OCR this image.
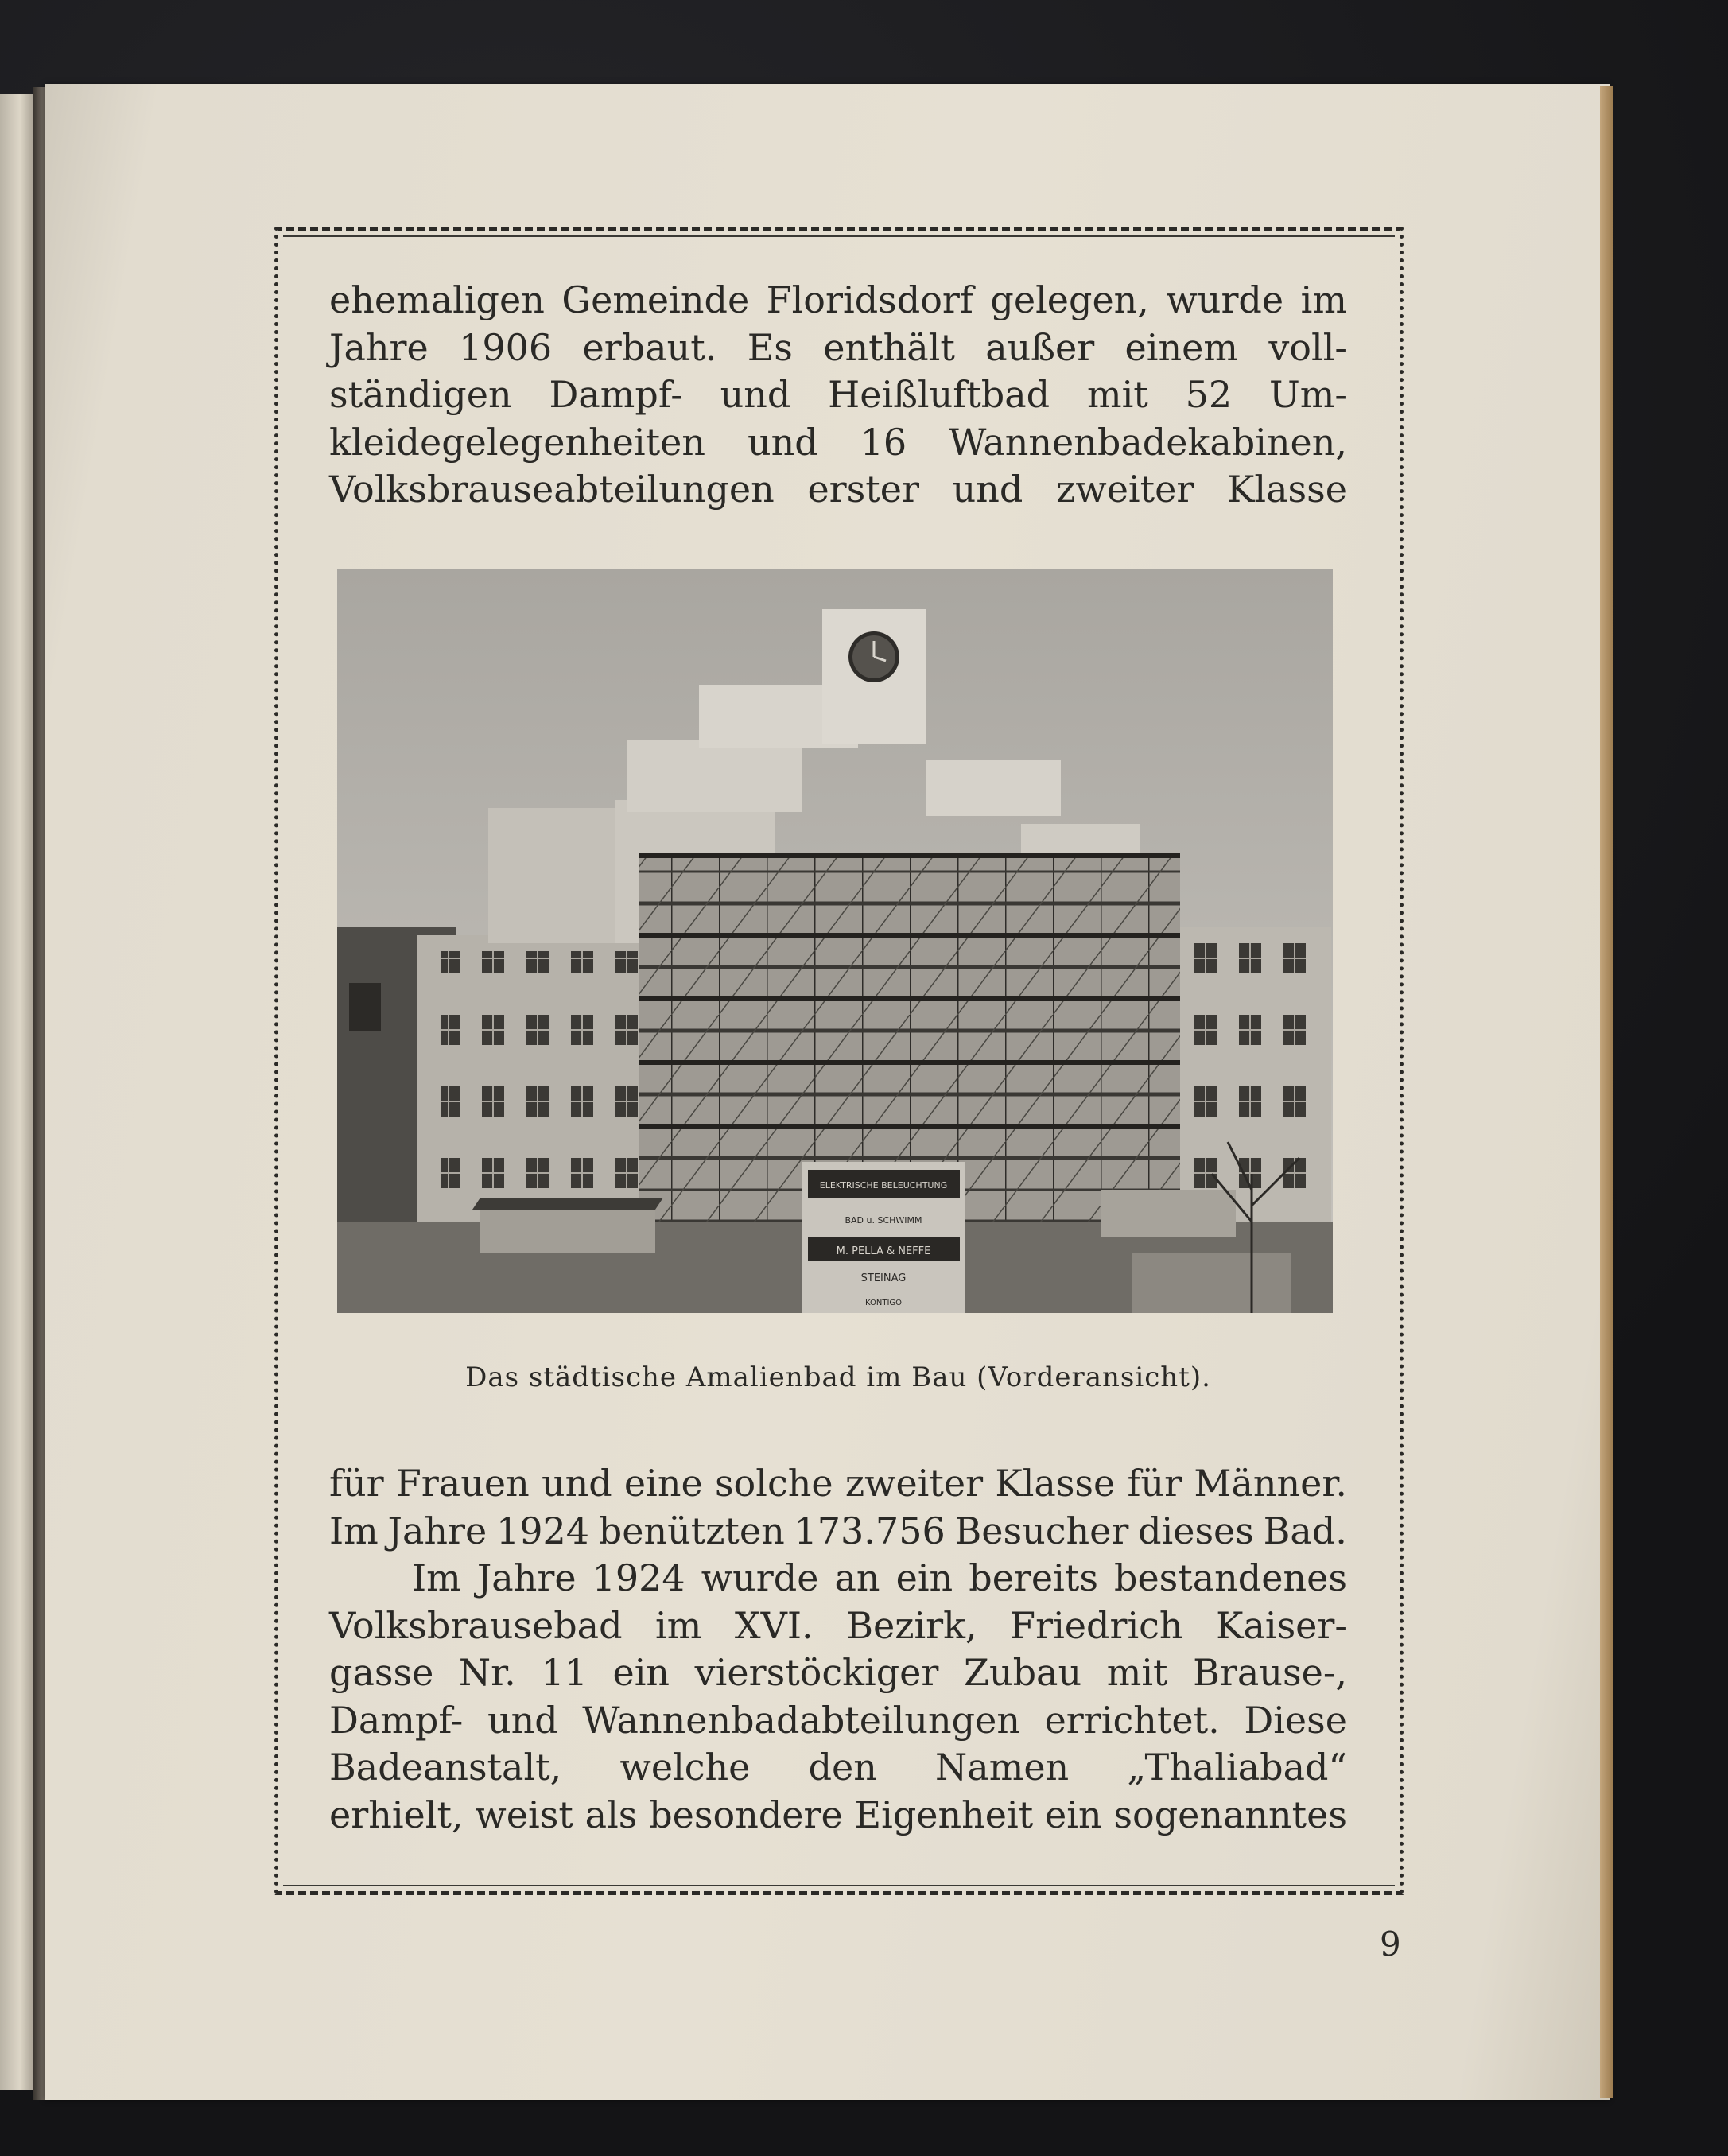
ehemaligen Gemeinde Floridsdorf gelegen, wurde im
Jahre 1906 erbaut. Es enthält außer einem voll-
ständigen Dampf- und Heißluftbad mit 52 Um-
kleidegelegenheiten und 16 Wannenbadekabinen,
Volksbrauseabteilungen erster und zweiter Klasse
ELEKTRISCHE BELEUCHTUNG
BAD u. SCHWIMM
M. PELLA & NEFFE
STEINAG
KONTIGO
Das städtische Amalienbad im Bau (Vorderansicht).
für Frauen und eine solche zweiter Klasse für Männer.
Im Jahre 1924 benützten 173.756 Besucher dieses Bad.
Im Jahre 1924 wurde an ein bereits bestandenes
Volksbrausebad im XVI. Bezirk, Friedrich Kaiser-
gasse Nr. 11 ein vierstöckiger Zubau mit Brause-,
Dampf- und Wannenbadabteilungen errichtet. Diese
Badeanstalt, welche den Namen „Thaliabad“
erhielt, weist als besondere Eigenheit ein sogenanntes
9
